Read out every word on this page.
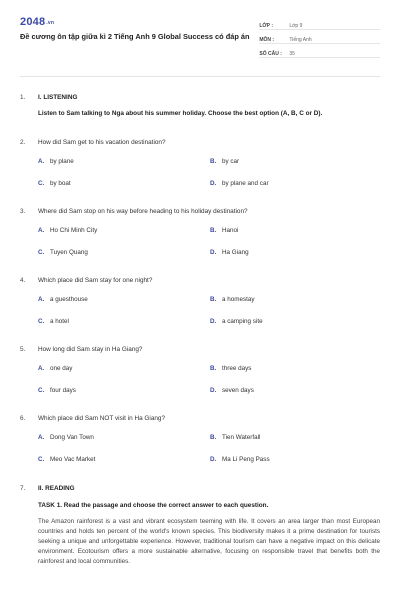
2048.vn
Đề cương ôn tập giữa kì 2 Tiếng Anh 9 Global Success có đáp án
LỚP :	Lớp 9
MÔN :	Tiếng Anh
SỐ CÂU :	35
1.	I. LISTENING
Listen to Sam talking to Nga about his summer holiday. Choose the best option (A, B, C or D).
2.	How did Sam get to his vacation destination?
A. by plane	B. by car
C. by boat	D. by plane and car
3.	Where did Sam stop on his way before heading to his holiday destination?
A. Ho Chi Minh City	B. Hanoi
C. Tuyen Quang	D. Ha Giang
4.	Which place did Sam stay for one night?
A. a guesthouse	B. a homestay
C. a hotel	D. a camping site
5.	How long did Sam stay in Ha Giang?
A. one day	B. three days
C. four days	D. seven days
6.	Which place did Sam NOT visit in Ha Giang?
A. Dong Van Town	B. Tien Waterfall
C. Meo Vac Market	D. Ma Li Peng Pass
7.	II. READING
TASK 1. Read the passage and choose the correct answer to each question.
The Amazon rainforest is a vast and vibrant ecosystem teeming with life. It covers an area larger than most European countries and holds ten percent of the world's known species. This biodiversity makes it a prime destination for tourists seeking a unique and unforgettable experience. However, traditional tourism can have a negative impact on this delicate environment. Ecotourism offers a more sustainable alternative, focusing on responsible travel that benefits both the rainforest and local communities.
